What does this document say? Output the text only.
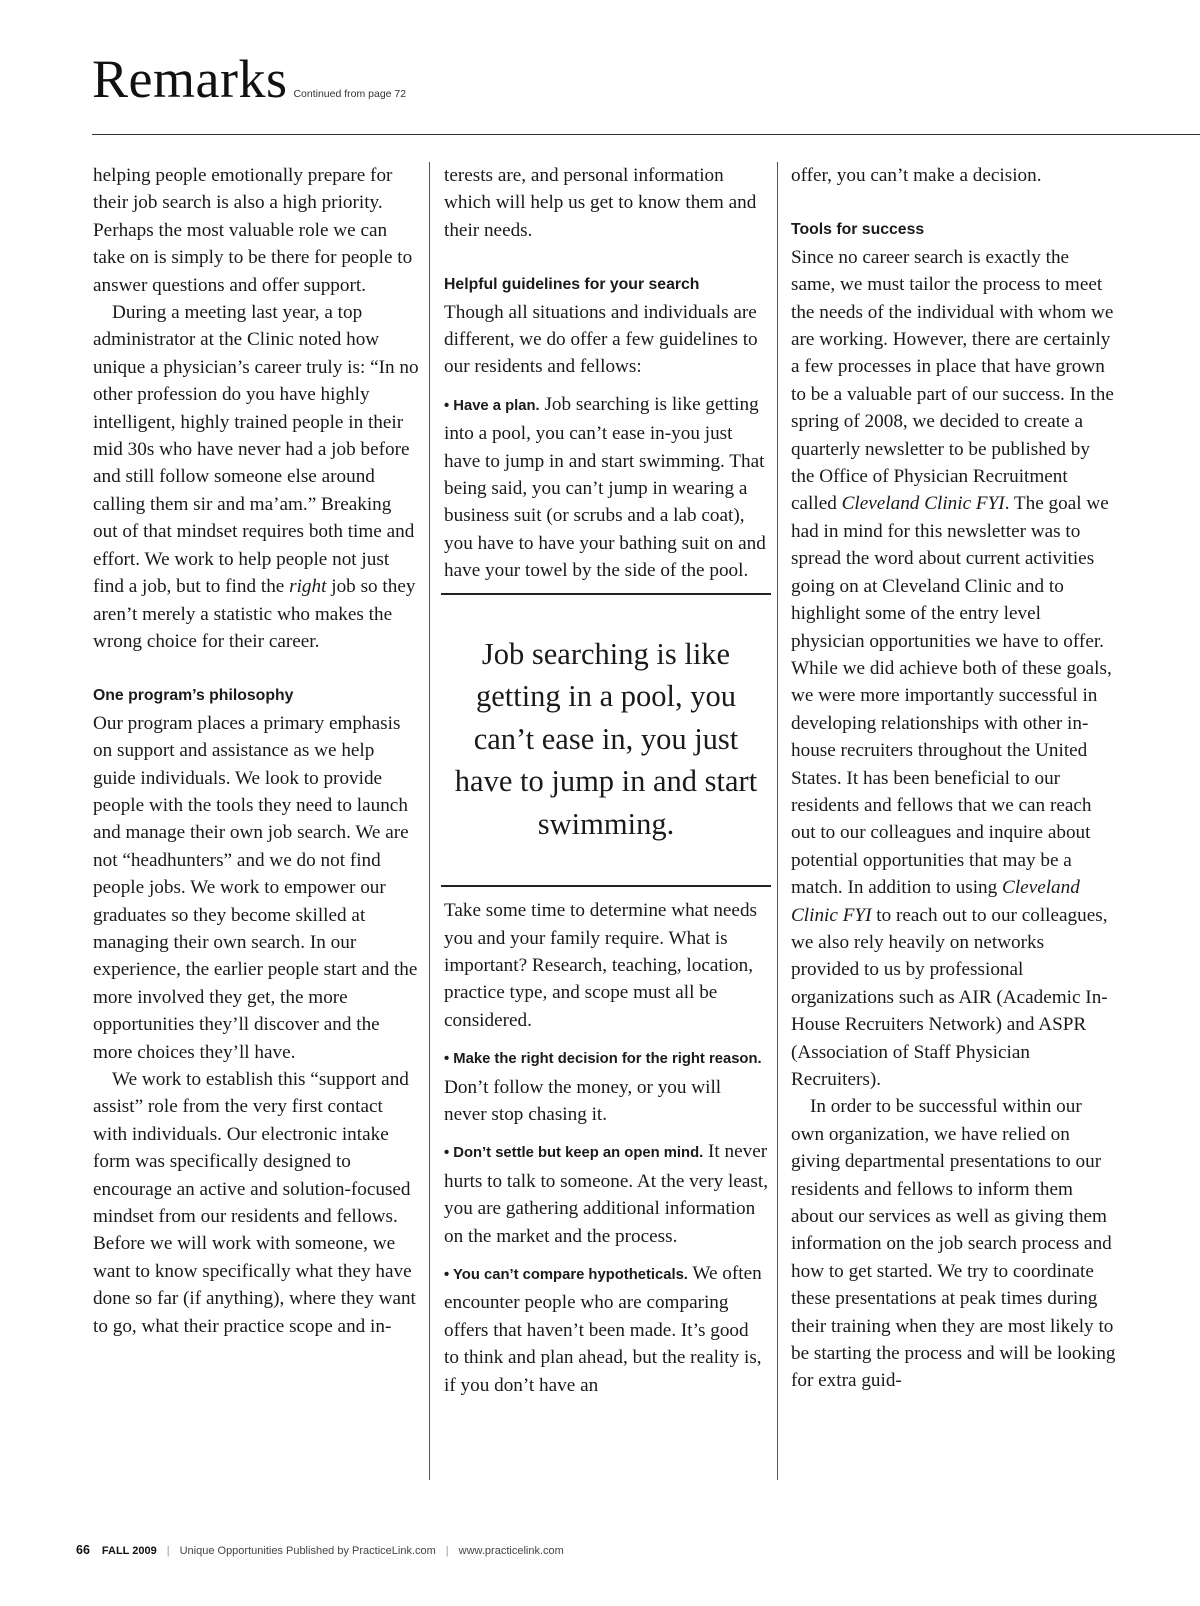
Remarks Continued from page 72

helping people emotionally prepare for their job search is also a high priority. Perhaps the most valuable role we can take on is simply to be there for people to answer questions and offer support.

During a meeting last year, a top administrator at the Clinic noted how unique a physician’s career truly is: “In no other profession do you have highly intelligent, highly trained people in their mid 30s who have never had a job before and still follow someone else around calling them sir and ma’am.” Breaking out of that mindset requires both time and effort. We work to help people not just find a job, but to find the right job so they aren’t merely a statistic who makes the wrong choice for their career.

One program’s philosophy

Our program places a primary emphasis on support and assistance as we help guide individuals. We look to provide people with the tools they need to launch and manage their own job search. We are not “headhunters” and we do not find people jobs. We work to empower our graduates so they become skilled at managing their own search. In our experience, the earlier people start and the more involved they get, the more opportunities they’ll discover and the more choices they’ll have.

We work to establish this “support and assist” role from the very first contact with individuals. Our electronic intake form was specifically designed to encourage an active and solution-focused mindset from our residents and fellows. Before we will work with someone, we want to know specifically what they have done so far (if anything), where they want to go, what their practice scope and in-

terests are, and personal information which will help us get to know them and their needs.

Helpful guidelines for your search

Though all situations and individuals are different, we do offer a few guidelines to our residents and fellows:

• Have a plan. Job searching is like getting into a pool, you can’t ease in-you just have to jump in and start swimming. That being said, you can’t jump in wearing a business suit (or scrubs and a lab coat), you have to have your bathing suit on and have your towel by the side of the pool.

Job searching is like getting in a pool, you can’t ease in, you just have to jump in and start swimming.

Take some time to determine what needs you and your family require. What is important? Research, teaching, location, practice type, and scope must all be considered.

• Make the right decision for the right reason. Don’t follow the money, or you will never stop chasing it.

• Don’t settle but keep an open mind. It never hurts to talk to someone. At the very least, you are gathering additional information on the market and the process.

• You can’t compare hypotheticals. We often encounter people who are comparing offers that haven’t been made. It’s good to think and plan ahead, but the reality is, if you don’t have an

offer, you can’t make a decision.

Tools for success

Since no career search is exactly the same, we must tailor the process to meet the needs of the individual with whom we are working. However, there are certainly a few processes in place that have grown to be a valuable part of our success. In the spring of 2008, we decided to create a quarterly newsletter to be published by the Office of Physician Recruitment called Cleveland Clinic FYI. The goal we had in mind for this newsletter was to spread the word about current activities going on at Cleveland Clinic and to highlight some of the entry level physician opportunities we have to offer. While we did achieve both of these goals, we were more importantly successful in developing relationships with other in-house recruiters throughout the United States. It has been beneficial to our residents and fellows that we can reach out to our colleagues and inquire about potential opportunities that may be a match. In addition to using Cleveland Clinic FYI to reach out to our colleagues, we also rely heavily on networks provided to us by professional organizations such as AIR (Academic In-House Recruiters Network) and ASPR (Association of Staff Physician Recruiters).

In order to be successful within our own organization, we have relied on giving departmental presentations to our residents and fellows to inform them about our services as well as giving them information on the job search process and how to get started. We try to coordinate these presentations at peak times during their training when they are most likely to be starting the process and will be looking for extra guid-

66 FALL 2009 | Unique Opportunities Published by PracticeLink.com | www.practicelink.com
